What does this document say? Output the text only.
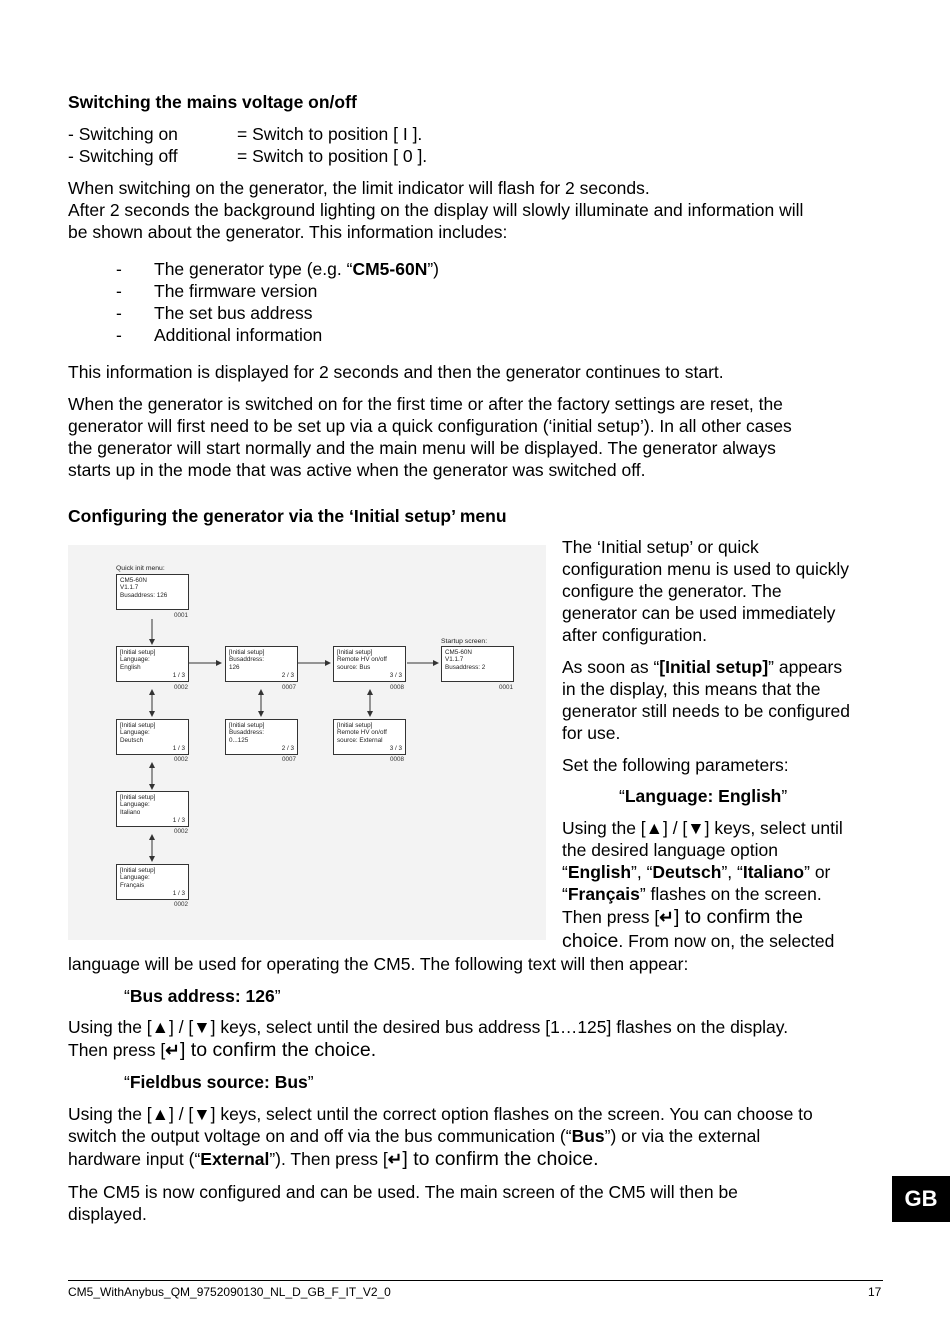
Switching the mains voltage on/off
- Switching on	= Switch to position [ I ].
- Switching off	= Switch to position [ 0 ].
When switching on the generator, the limit indicator will flash for 2 seconds.
After 2 seconds the background lighting on the display will slowly illuminate and information will
be shown about the generator. This information includes:
- The generator type (e.g. “CM5-60N”)
- The firmware version
- The set bus address
- Additional information
This information is displayed for 2 seconds and then the generator continues to start.
When the generator is switched on for the first time or after the factory settings are reset, the
generator will first need to be set up via a quick configuration (‘initial setup’). In all other cases
the generator will start normally and the main menu will be displayed. The generator always
starts up in the mode that was active when the generator was switched off.
Configuring the generator via the ‘Initial setup’ menu
Quick init menu:
Startup screen:
CM5-60N
V1.1.7
Busaddress: 126
0001
[Initial setup]
Language:
English
1 / 3
0002
[Initial setup]
Busaddress:
126
2 / 3
0007
[Initial setup]
Remote HV on/off
source: Bus
3 / 3
0008
CM5-60N
V1.1.7
Busaddress: 2
0001
[Initial setup]
Language:
Deutsch
1 / 3
0002
[Initial setup]
Busaddress:
0...125
2 / 3
0007
[Initial setup]
Remote HV on/off
source: External
3 / 3
0008
[Initial setup]
Language:
Italiano
1 / 3
0002
[Initial setup]
Language:
Français
1 / 3
0002
The ‘Initial setup’ or quick
configuration menu is used to quickly
configure the generator. The
generator can be used immediately
after configuration.
As soon as “[Initial setup]” appears
in the display, this means that the
generator still needs to be configured
for use.
Set the following parameters:
“Language: English”
Using the [▲] / [▼] keys, select until
the desired language option
“English”, “Deutsch”, “Italiano” or
“Français” flashes on the screen.
Then press [↵] to confirm the
choice. From now on, the selected
language will be used for operating the CM5. The following text will then appear:
“Bus address: 126”
Using the [▲] / [▼] keys, select until the desired bus address [1…125] flashes on the display.
Then press [↵] to confirm the choice.
“Fieldbus source: Bus”
Using the [▲] / [▼] keys, select until the correct option flashes on the screen. You can choose to
switch the output voltage on and off via the bus communication (“Bus”) or via the external
hardware input (“External”). Then press [↵] to confirm the choice.
The CM5 is now configured and can be used. The main screen of the CM5 will then be
displayed.
GB
CM5_WithAnybus_QM_9752090130_NL_D_GB_F_IT_V2_0	17
